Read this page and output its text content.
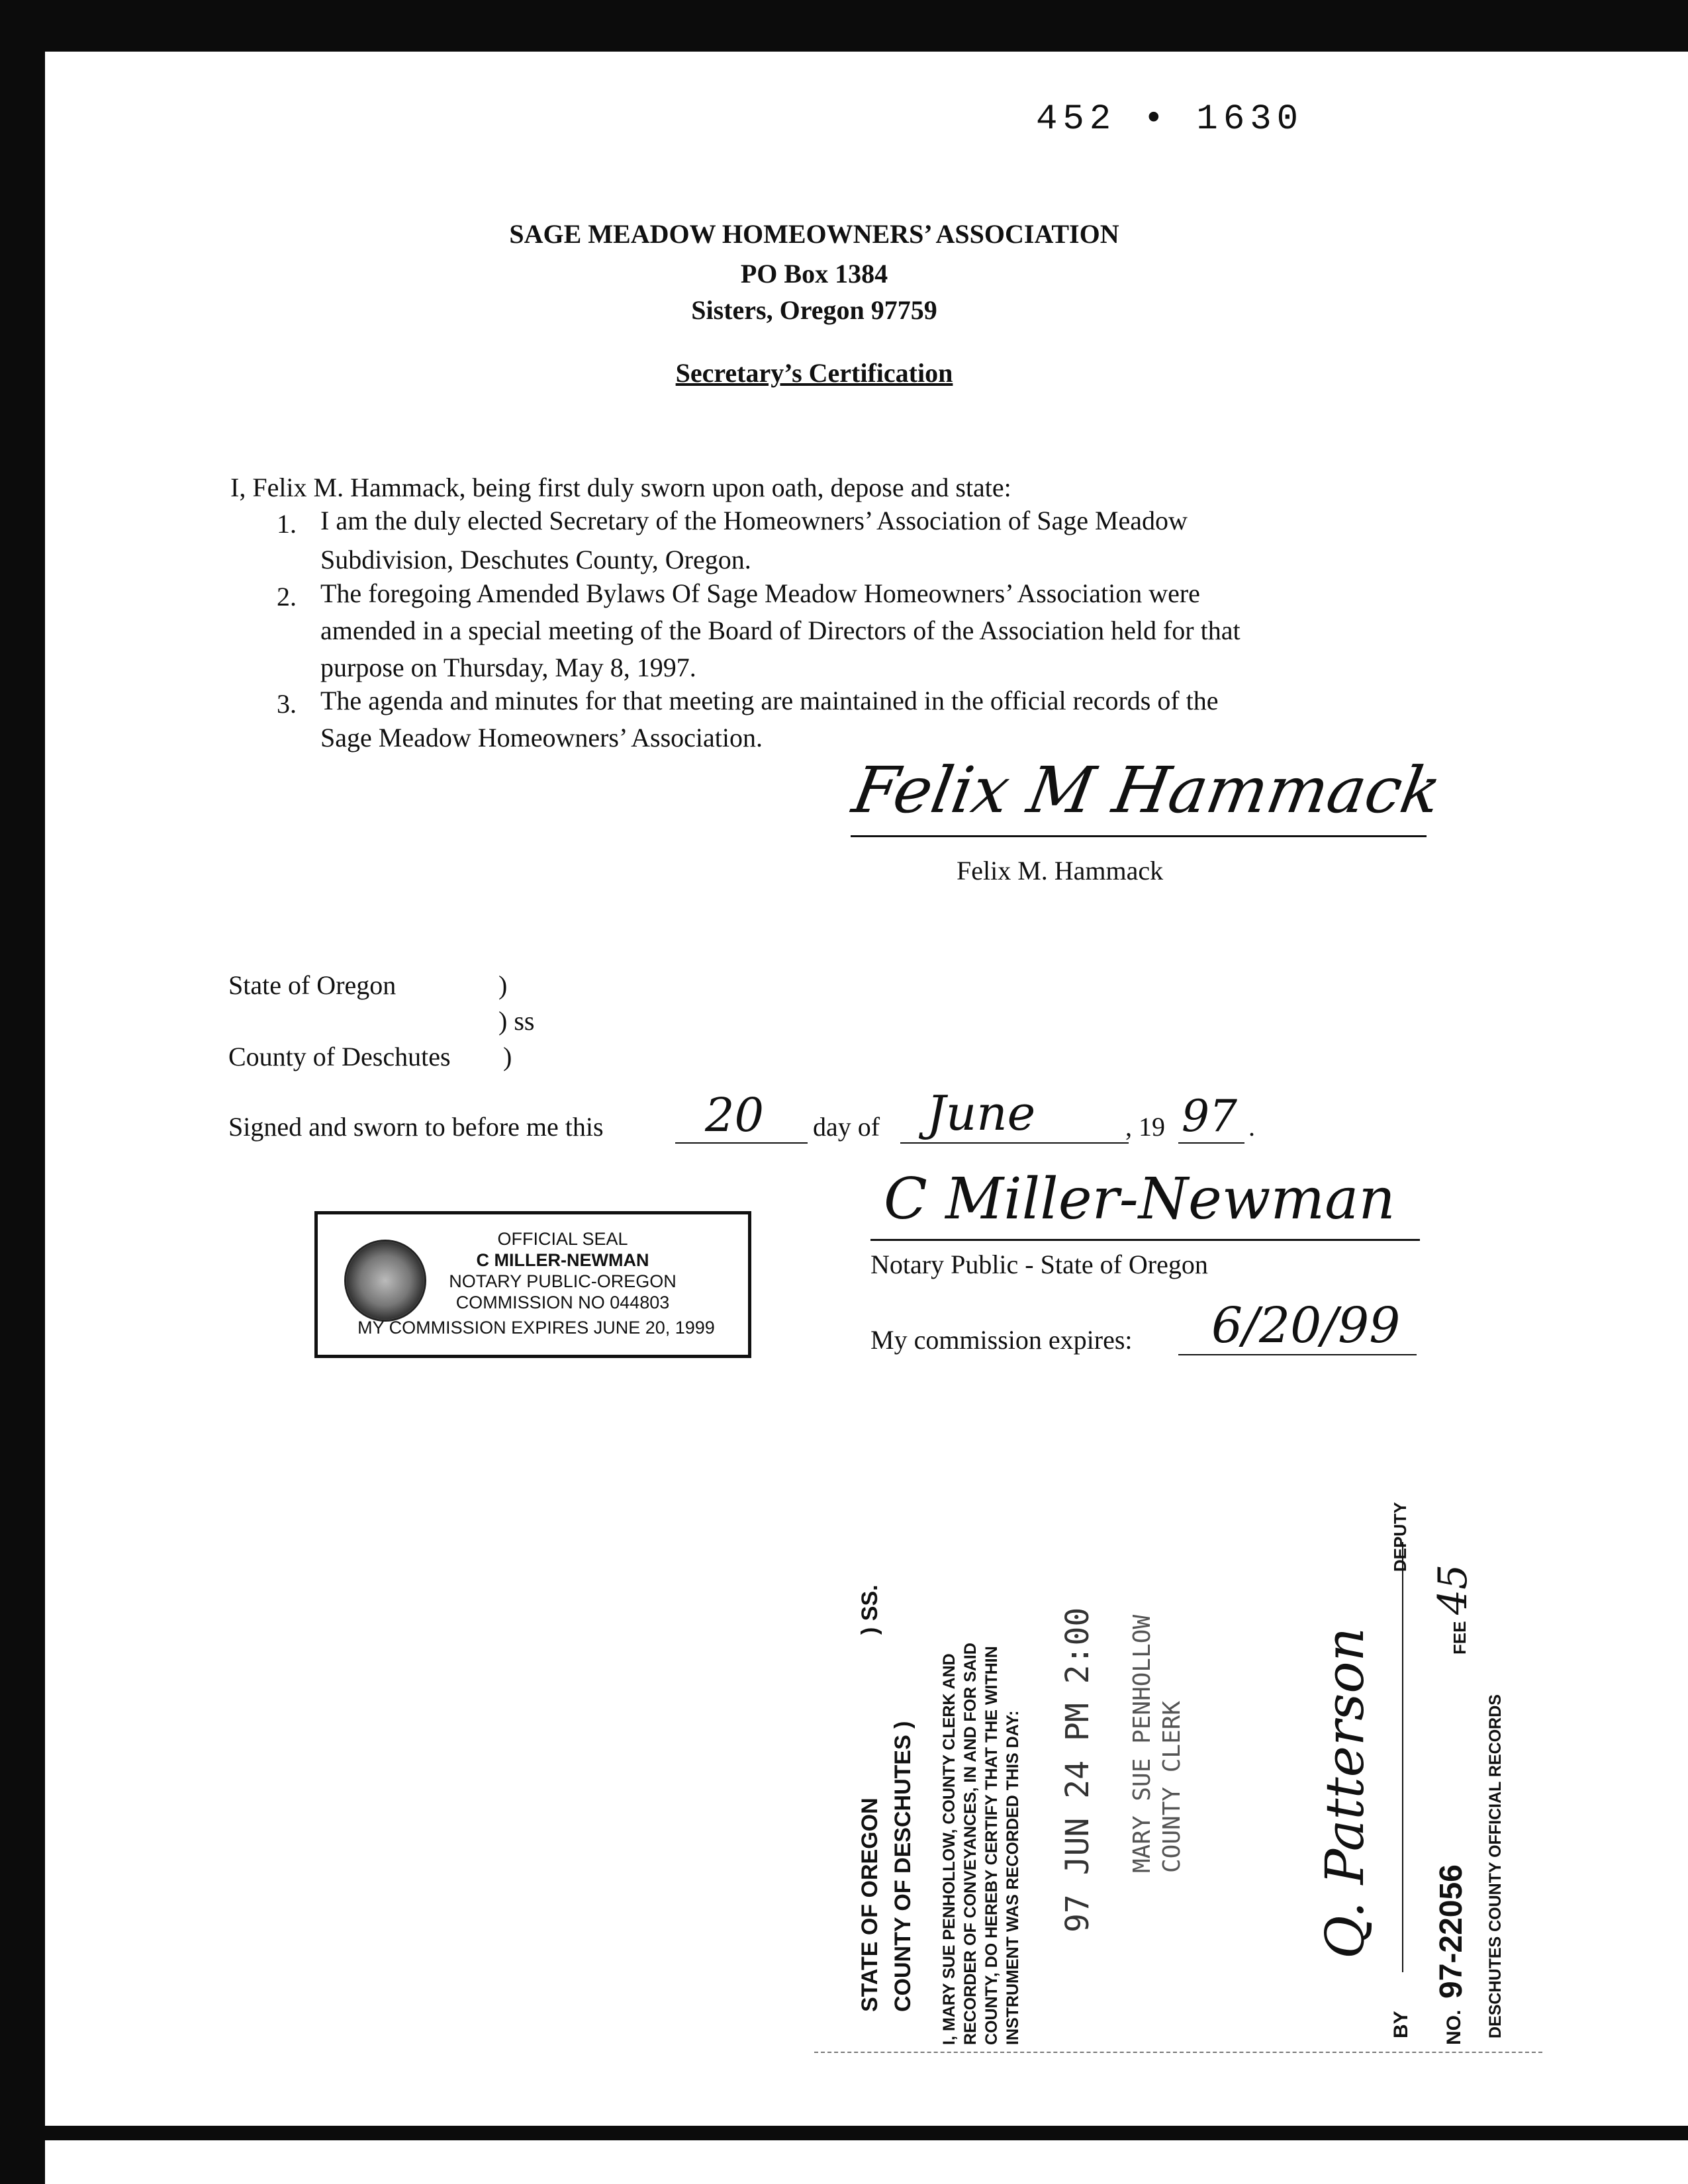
452 • 1630
SAGE MEADOW HOMEOWNERS’ ASSOCIATION
PO Box 1384
Sisters, Oregon 97759
Secretary’s Certification
I, Felix M. Hammack, being first duly sworn upon oath, depose and state:
1. I am the duly elected Secretary of the Homeowners’ Association of Sage Meadow
Subdivision, Deschutes County, Oregon.
2. The foregoing Amended Bylaws Of Sage Meadow Homeowners’ Association were
amended in a special meeting of the Board of Directors of the Association held for that
purpose on Thursday, May 8, 1997.
3. The agenda and minutes for that meeting are maintained in the official records of the
Sage Meadow Homeowners’ Association.
Felix M Hammack
Felix M. Hammack
State of Oregon	)
) ss
County of Deschutes )
Signed and sworn to before me this 20 day of June	, 19 97 .
C Miller-Newman
Notary Public - State of Oregon
My commission expires: 6/20/99
OFFICIAL SEAL
C MILLER-NEWMAN
NOTARY PUBLIC-OREGON
COMMISSION NO 044803
MY COMMISSION EXPIRES JUNE 20, 1999
STATE OF OREGON
) SS.
COUNTY OF DESCHUTES ) I, MARY SUE PENHOLLOW, COUNTY CLERK AND RECORDER OF CONVEYANCES, IN AND FOR SAID COUNTY, DO HEREBY CERTIFY THAT THE WITHIN INSTRUMENT WAS RECORDED THIS DAY: 97 JUN 24 PM 2:00 MARY SUE PENHOLLOW COUNTY CLERK
BY
Q. Patterson
DEPUTY
NO.
97-22056
FEE
45
DESCHUTES COUNTY OFFICIAL RECORDS
